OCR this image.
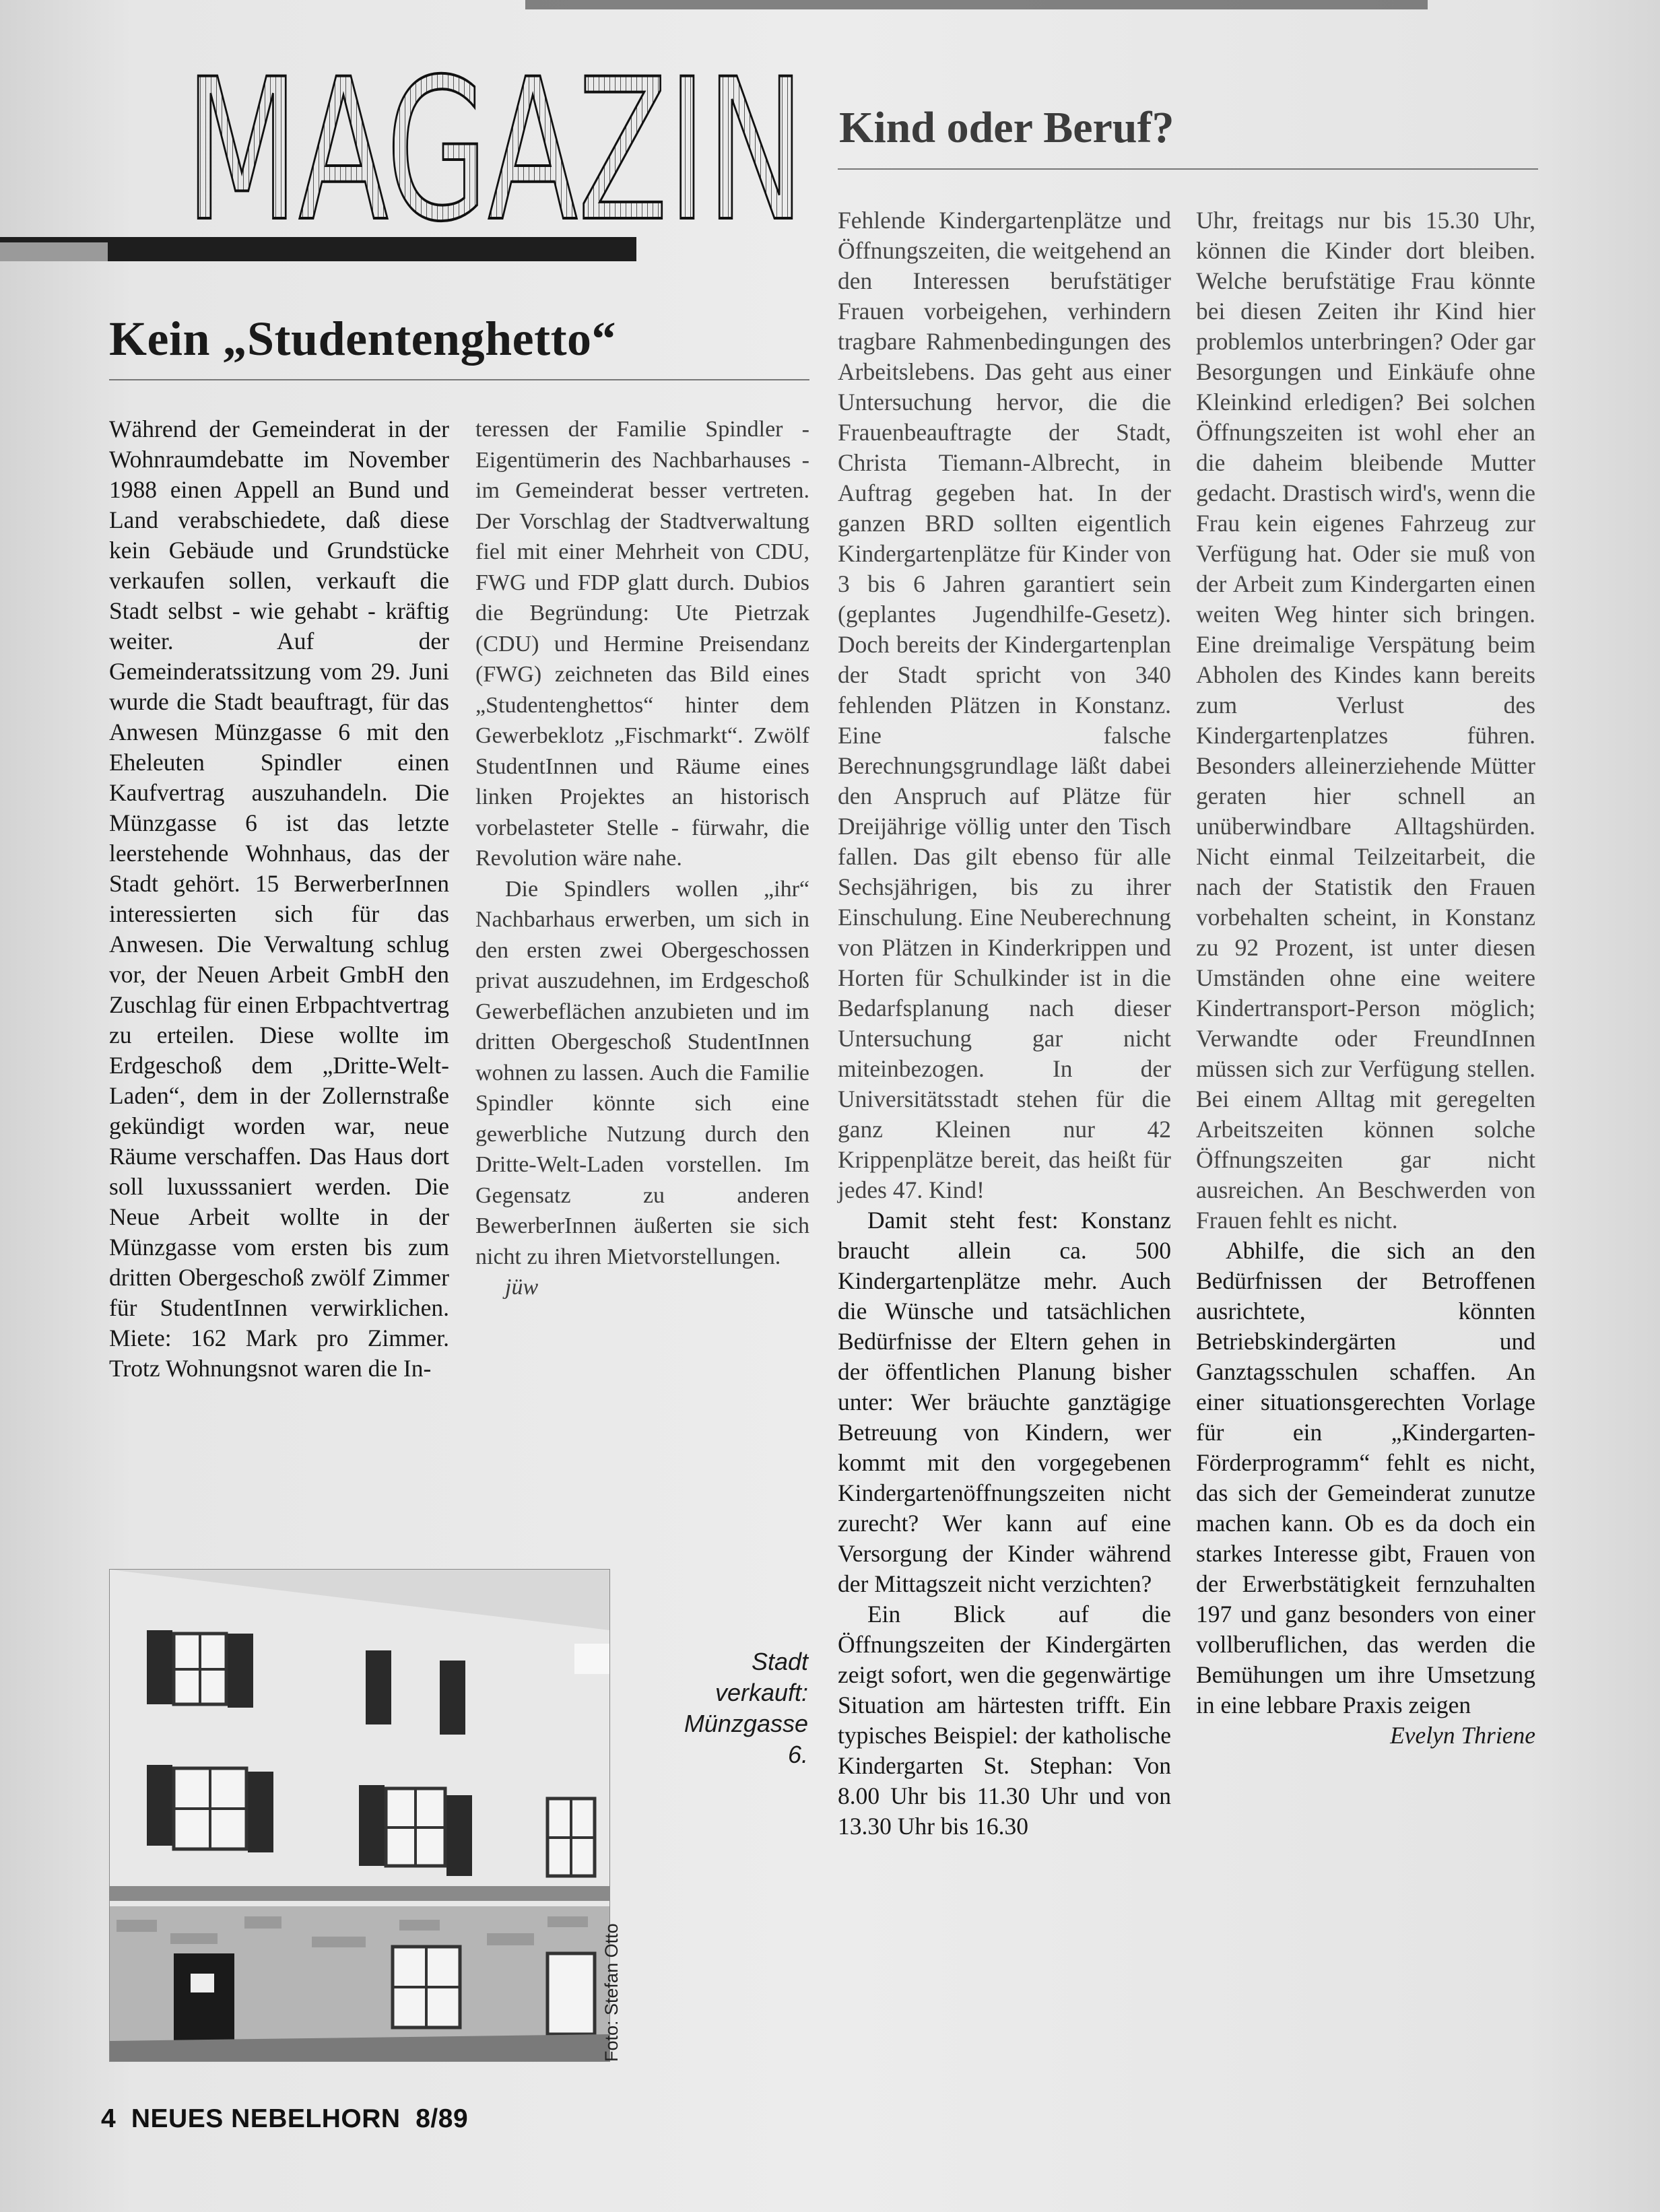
MAGAZIN
Kein „Studentenghetto“

Während der Gemeinderat in der Wohnraumdebatte im November 1988 einen Appell an Bund und Land verabschiedete, daß diese kein Gebäude und Grundstücke verkaufen sollen, verkauft die Stadt selbst - wie gehabt - kräftig weiter. Auf der Gemeinderatssitzung vom 29. Juni wurde die Stadt beauftragt, für das Anwesen Münzgasse 6 mit den Eheleuten Spindler einen Kaufvertrag auszuhandeln. Die Münzgasse 6 ist das letzte leerstehende Wohnhaus, das der Stadt gehört. 15 BerwerberInnen interessierten sich für das Anwesen. Die Verwaltung schlug vor, der Neuen Arbeit GmbH den Zuschlag für einen Erbpachtvertrag zu erteilen. Diese wollte im Erdgeschoß dem „Dritte-Welt-Laden“, dem in der Zollernstraße gekündigt worden war, neue Räume verschaffen. Das Haus dort soll luxusssaniert werden. Die Neue Arbeit wollte in der Münzgasse vom ersten bis zum dritten Obergeschoß zwölf Zimmer für StudentInnen verwirklichen. Miete: 162 Mark pro Zimmer. Trotz Wohnungsnot waren die In-

teressen der Familie Spindler - Eigentümerin des Nachbarhauses - im Gemeinderat besser vertreten. Der Vorschlag der Stadtverwaltung fiel mit einer Mehrheit von CDU, FWG und FDP glatt durch. Dubios die Begründung: Ute Pietrzak (CDU) und Hermine Preisendanz (FWG) zeichneten das Bild eines „Studentenghettos“ hinter dem Gewerbeklotz „Fischmarkt“. Zwölf StudentInnen und Räume eines linken Projektes an historisch vorbelasteter Stelle - fürwahr, die Revolution wäre nahe.

Die Spindlers wollen „ihr“ Nachbarhaus erwerben, um sich in den ersten zwei Obergeschossen privat auszudehnen, im Erdgeschoß Gewerbeflächen anzubieten und im dritten Obergeschoß StudentInnen wohnen zu lassen. Auch die Familie Spindler könnte sich eine gewerbliche Nutzung durch den Dritte-Welt-Laden vorstellen. Im Gegensatz zu anderen BewerberInnen äußerten sie sich nicht zu ihren Mietvorstellungen.

jüw

Stadt verkauft: Münzgasse 6.
Foto: Stefan Otto
Kind oder Beruf?

Fehlende Kindergartenplätze und Öffnungszeiten, die weitgehend an den Interessen berufstätiger Frauen vorbeigehen, verhindern tragbare Rahmenbedingungen des Arbeitslebens. Das geht aus einer Untersuchung hervor, die die Frauenbeauftragte der Stadt, Christa Tiemann-Albrecht, in Auftrag gegeben hat. In der ganzen BRD sollten eigentlich Kindergartenplätze für Kinder von 3 bis 6 Jahren garantiert sein (geplantes Jugendhilfe-Gesetz). Doch bereits der Kindergartenplan der Stadt spricht von 340 fehlenden Plätzen in Konstanz. Eine falsche Berechnungsgrundlage läßt dabei den Anspruch auf Plätze für Dreijährige völlig unter den Tisch fallen. Das gilt ebenso für alle Sechsjährigen, bis zu ihrer Einschulung. Eine Neuberechnung von Plätzen in Kinderkrippen und Horten für Schulkinder ist in die Bedarfsplanung nach dieser Untersuchung gar nicht miteinbezogen. In der Universitätsstadt stehen für die ganz Kleinen nur 42 Krippenplätze bereit, das heißt für jedes 47. Kind!

Damit steht fest: Konstanz braucht allein ca. 500 Kindergartenplätze mehr. Auch die Wünsche und tatsächlichen Bedürfnisse der Eltern gehen in der öffentlichen Planung bisher unter: Wer bräuchte ganztägige Betreuung von Kindern, wer kommt mit den vorgegebenen Kindergartenöffnungszeiten nicht zurecht? Wer kann auf eine Versorgung der Kinder während der Mittagszeit nicht verzichten?

Ein Blick auf die Öffnungszeiten der Kindergärten zeigt sofort, wen die gegenwärtige Situation am härtesten trifft. Ein typisches Beispiel: der katholische Kindergarten St. Stephan: Von 8.00 Uhr bis 11.30 Uhr und von 13.30 Uhr bis 16.30

Uhr, freitags nur bis 15.30 Uhr, können die Kinder dort bleiben. Welche berufstätige Frau könnte bei diesen Zeiten ihr Kind hier problemlos unterbringen? Oder gar Besorgungen und Einkäufe ohne Kleinkind erledigen? Bei solchen Öffnungszeiten ist wohl eher an die daheim bleibende Mutter gedacht. Drastisch wird's, wenn die Frau kein eigenes Fahrzeug zur Verfügung hat. Oder sie muß von der Arbeit zum Kindergarten einen weiten Weg hinter sich bringen. Eine dreimalige Verspätung beim Abholen des Kindes kann bereits zum Verlust des Kindergartenplatzes führen. Besonders alleinerziehende Mütter geraten hier schnell an unüberwindbare Alltagshürden. Nicht einmal Teilzeitarbeit, die nach der Statistik den Frauen vorbehalten scheint, in Konstanz zu 92 Prozent, ist unter diesen Umständen ohne eine weitere Kindertransport-Person möglich; Verwandte oder FreundInnen müssen sich zur Verfügung stellen. Bei einem Alltag mit geregelten Arbeitszeiten können solche Öffnungszeiten gar nicht ausreichen. An Beschwerden von Frauen fehlt es nicht.

Abhilfe, die sich an den Bedürfnissen der Betroffenen ausrichtete, könnten Betriebskindergärten und Ganztagsschulen schaffen. An einer situationsgerechten Vorlage für ein „Kindergarten-Förderprogramm“ fehlt es nicht, das sich der Gemeinderat zunutze machen kann. Ob es da doch ein starkes Interesse gibt, Frauen von der Erwerbstätigkeit fernzuhalten 197 und ganz besonders von einer vollberuflichen, das werden die Bemühungen um ihre Umsetzung in eine lebbare Praxis zeigen

Evelyn Thriene

4  NEUES NEBELHORN  8/89
